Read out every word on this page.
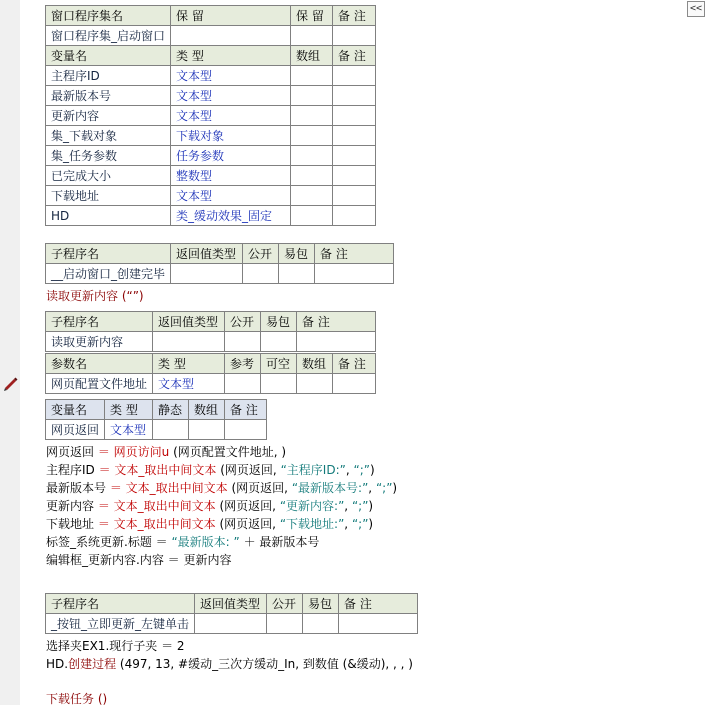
<<
窗口程序集名	保 留	保 留	备 注
窗口程序集_启动窗口			
变量名	类 型	数组	备 注
主程序ID	文本型		
最新版本号	文本型		
更新内容	文本型		
集_下载对象	下载对象		
集_任务参数	任务参数		
已完成大小	整数型		
下载地址	文本型		
HD	类_缓动效果_固定		
子程序名	返回值类型	公开	易包	备 注
__启动窗口_创建完毕				
读取更新内容 (“”)
子程序名	返回值类型	公开	易包	备 注
读取更新内容				
参数名	类 型	参考	可空	数组	备 注
网页配置文件地址	文本型				
变量名	类 型	静态	数组	备 注
网页返回	文本型			
网页返回 ＝ 网页访问u (网页配置文件地址, )
主程序ID ＝ 文本_取出中间文本 (网页返回, “主程序ID:”, “;”)
最新版本号 ＝ 文本_取出中间文本 (网页返回, “最新版本号:”, “;”)
更新内容 ＝ 文本_取出中间文本 (网页返回, “更新内容:”, “;”)
下载地址 ＝ 文本_取出中间文本 (网页返回, “下载地址:”, “;”)
标签_系统更新.标题 ＝ “最新版本: ” ＋ 最新版本号
编辑框_更新内容.内容 ＝ 更新内容
子程序名	返回值类型	公开	易包	备 注
_按钮_立即更新_左键单击				
选择夹EX1.现行子夹 ＝ 2
HD.创建过程 (497, 13, #缓动_三次方缓动_In, 到数值 (&缓动), , , )
下载任务 ()
